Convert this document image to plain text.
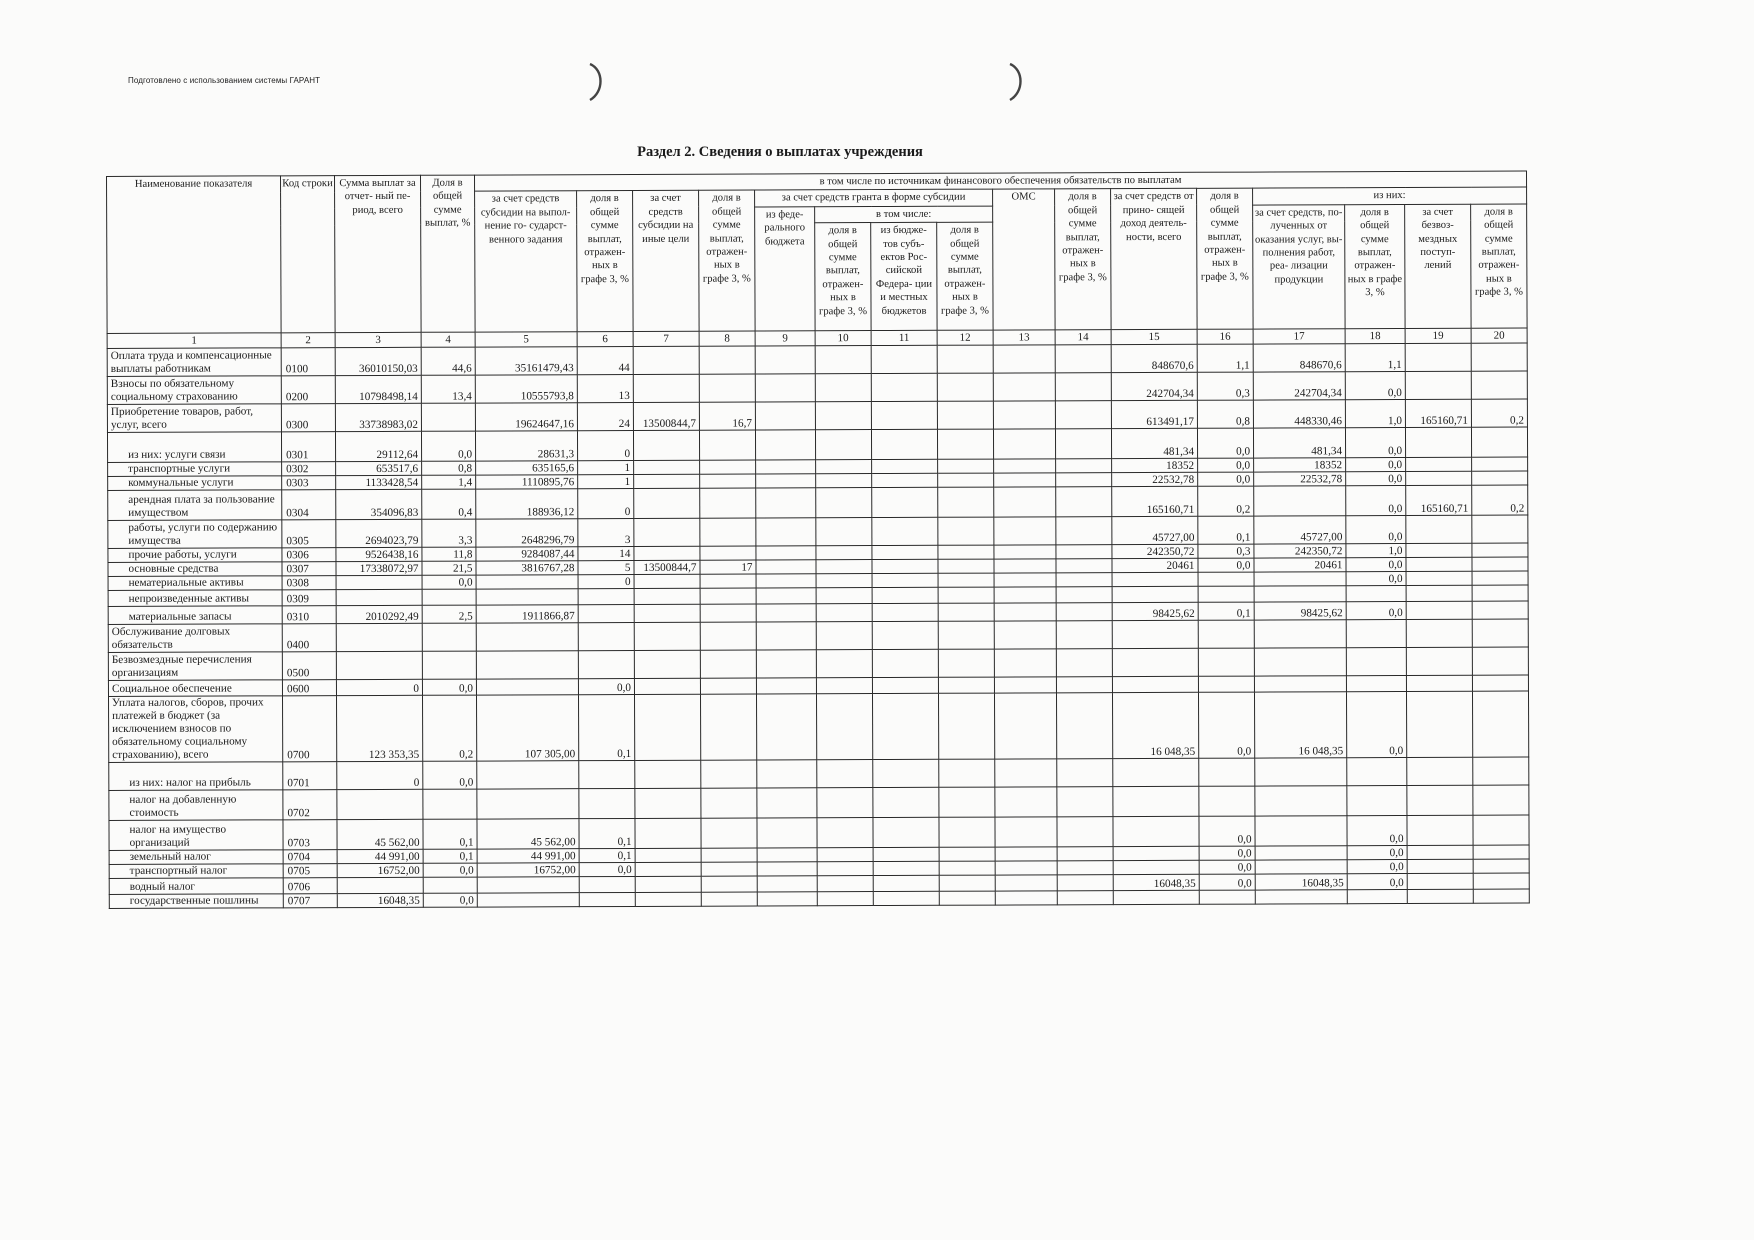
Подготовлено с использованием системы ГАРАНТ
Раздел 2. Сведения о выплатах учреждения
Наименование показателя	Код строки	Сумма выплат за отчет- ный пе- риод, всего	Доля в общей сумме выплат, %	в том числе по источникам финансового обеспечения обязательств по выплатам															
				за счет средств субсидии на выпол- нение го- сударст- венного задания	доля в общей сумме выплат, отражен- ных в графе 3, %	за счет средств субсидии на иные цели	доля в общей сумме выплат, отражен- ных в графе 3, %	за счет средств гранта в форме субсидии				ОМС	доля в общей сумме выплат, отражен- ных в графе 3, %	за счет средств от прино- сящей доход деятель- ности, всего	доля в общей сумме выплат, отражен- ных в графе 3, %	из них:			
								из феде- рального бюджета	в том числе:							за счет средств, по- лученных от оказания услуг, вы- полнения работ, реа- лизации продукции	доля в общей сумме выплат, отражен- ных в графе 3, %	за счет безвоз- мездных поступ- лений	доля в общей сумме выплат, отражен- ных в графе 3, %
									доля в общей сумме выплат, отражен- ных в графе 3, %	из бюдже- тов субъ- ектов Рос- сийской Федера- ции и местных бюджетов	доля в общей сумме выплат, отражен- ных в графе 3, %								
1	2	3	4	5	6	7	8	9	10	11	12	13	14	15	16	17	18	19	20
Оплата труда и компенсационные выплаты работникам	0100	36010150,03	44,6	35161479,43	44									848670,6	1,1	848670,6	1,1		
Взносы по обязательному социальному страхованию	0200	10798498,14	13,4	10555793,8	13									242704,34	0,3	242704,34	0,0		
Приобретение товаров, работ, услуг, всего	0300	33738983,02		19624647,16	24	13500844,7	16,7							613491,17	0,8	448330,46	1,0	165160,71	0,2
из них: услуги связи	0301	29112,64	0,0	28631,3	0									481,34	0,0	481,34	0,0		
транспортные услуги	0302	653517,6	0,8	635165,6	1									18352	0,0	18352	0,0		
коммунальные услуги	0303	1133428,54	1,4	1110895,76	1									22532,78	0,0	22532,78	0,0		
арендная плата за пользование имуществом	0304	354096,83	0,4	188936,12	0									165160,71	0,2		0,0	165160,71	0,2
работы, услуги по содержанию имущества	0305	2694023,79	3,3	2648296,79	3									45727,00	0,1	45727,00	0,0		
прочие работы, услуги	0306	9526438,16	11,8	9284087,44	14									242350,72	0,3	242350,72	1,0		
основные средства	0307	17338072,97	21,5	3816767,28	5	13500844,7	17							20461	0,0	20461	0,0		
нематериальные активы	0308		0,0		0												0,0		
непроизведенные активы	0309																		
материальные запасы	0310	2010292,49	2,5	1911866,87										98425,62	0,1	98425,62	0,0		
Обслуживание долговых обязательств	0400																		
Безвозмездные перечисления организациям	0500																		
Социальное обеспечение	0600	0	0,0		0,0														
Уплата налогов, сборов, прочих платежей в бюджет (за исключением взносов по обязательному социальному страхованию), всего	0700	123 353,35	0,2	107 305,00	0,1									16 048,35	0,0	16 048,35	0,0		
из них: налог на прибыль	0701	0	0,0																
налог на добавленную стоимость	0702																		
налог на имущество организаций	0703	45 562,00	0,1	45 562,00	0,1										0,0		0,0		
земельный налог	0704	44 991,00	0,1	44 991,00	0,1										0,0		0,0		
транспортный налог	0705	16752,00	0,0	16752,00	0,0										0,0		0,0		
водный налог	0706													16048,35	0,0	16048,35	0,0		
государственные пошлины	0707	16048,35	0,0																
